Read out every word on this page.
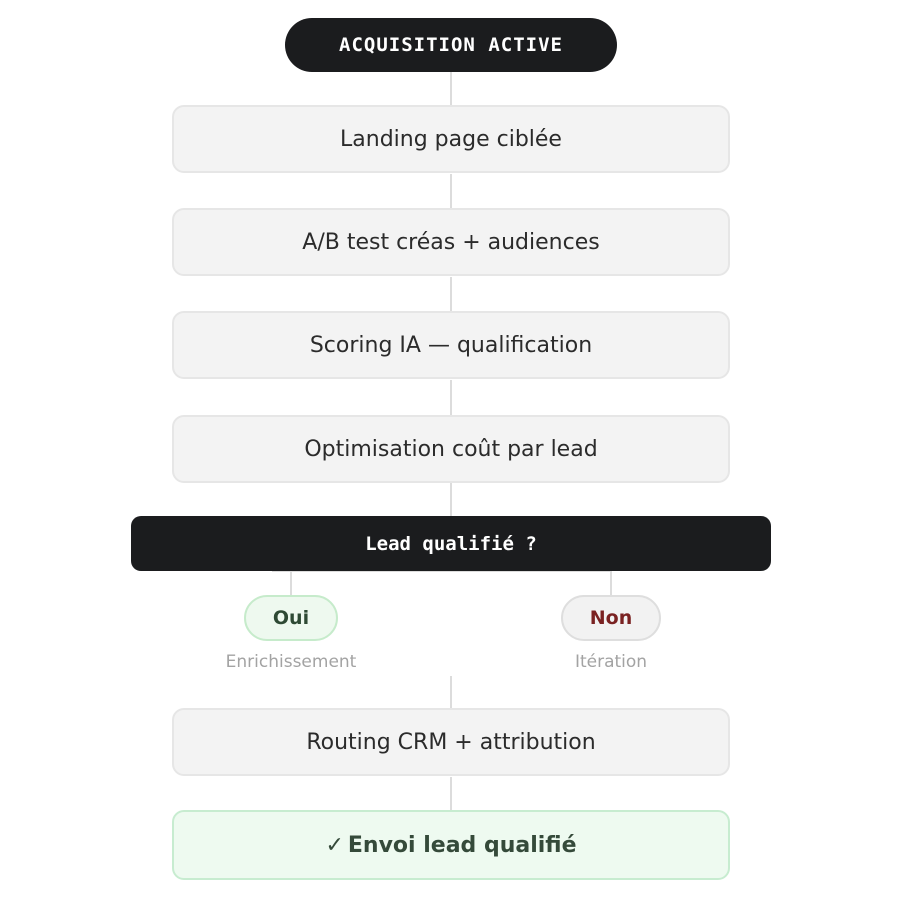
ACQUISITION ACTIVE
Landing page ciblée
A/B test créas + audiences
Scoring IA — qualification
Optimisation coût par lead
Lead qualifié ?
Oui	Non
Enrichissement	Itération
Routing CRM + attribution
✓ Envoi lead qualifié
